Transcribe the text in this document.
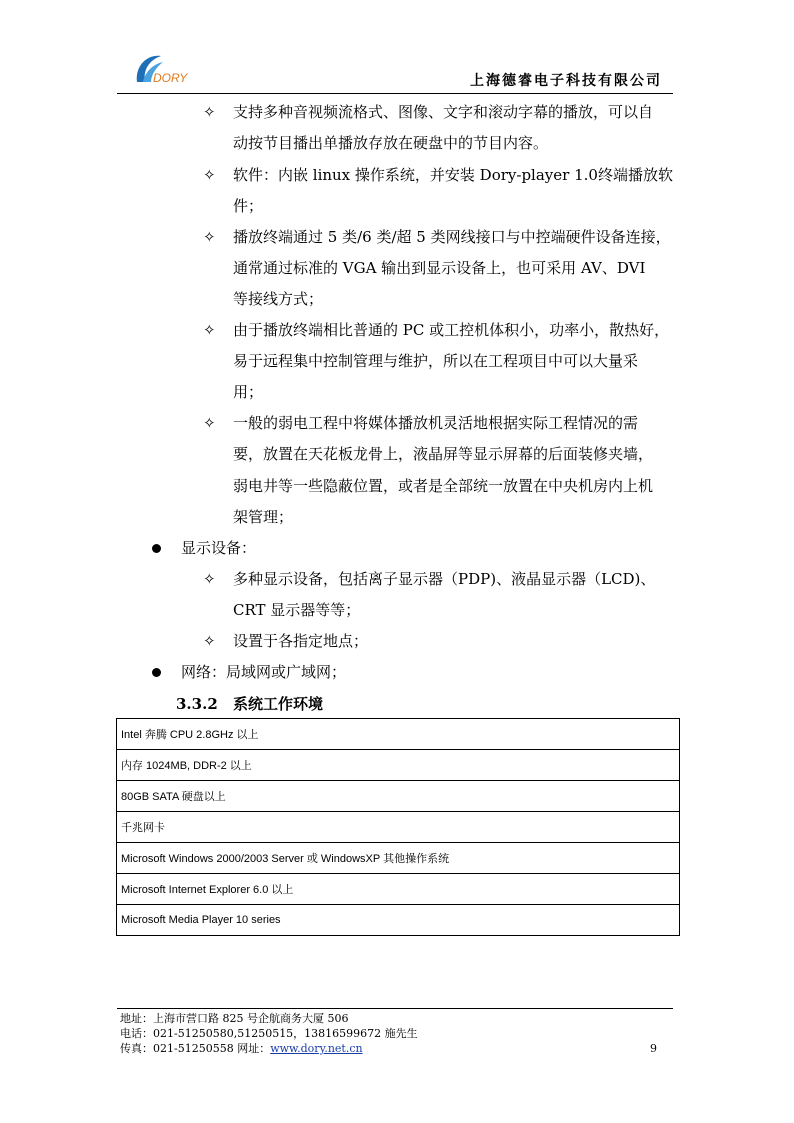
DORY	上海德睿电子科技有限公司
✧ 支持多种音视频流格式、图像、文字和滚动字幕的播放，可以自
动按节目播出单播放存放在硬盘中的节目内容。
✧ 软件：内嵌 linux 操作系统，并安装 Dory-player 1.0终端播放软
件；
✧ 播放终端通过 5 类/6 类/超 5 类网线接口与中控端硬件设备连接，
通常通过标准的 VGA 输出到显示设备上，也可采用 AV、DVI
等接线方式；
✧ 由于播放终端相比普通的 PC 或工控机体积小，功率小，散热好，
易于远程集中控制管理与维护，所以在工程项目中可以大量采
用；
✧ 一般的弱电工程中将媒体播放机灵活地根据实际工程情况的需
要，放置在天花板龙骨上，液晶屏等显示屏幕的后面装修夹墙，
弱电井等一些隐蔽位置，或者是全部统一放置在中央机房内上机
架管理；
显示设备：
✧ 多种显示设备，包括离子显示器（PDP)、液晶显示器（LCD)、
CRT 显示器等等；
✧ 设置于各指定地点；
网络：局域网或广域网；
3.3.2 系统工作环境
Intel 奔腾 CPU 2.8GHz 以上
内存 1024MB, DDR-2 以上
80GB SATA 硬盘以上
千兆网卡
Microsoft Windows 2000/2003 Server 或 WindowsXP 其他操作系统
Microsoft Internet Explorer 6.0 以上
Microsoft Media Player 10 series
地址：上海市营口路 825 号企航商务大厦 506
电话：021-51250580,51250515，13816599672 施先生
传真：021-51250558 网址：www.dory.net.cn	9
